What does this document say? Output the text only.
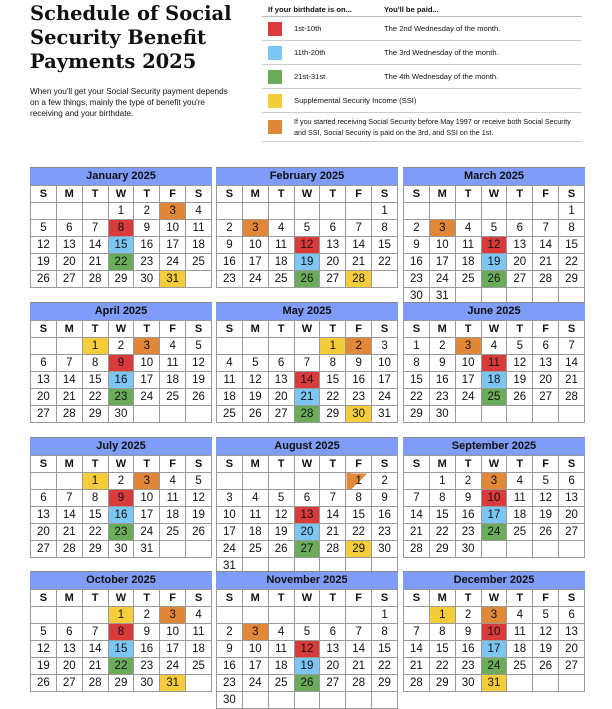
Schedule of Social Security Benefit Payments 2025

When you'll get your Social Security payment depends on a few things, mainly the type of benefit you're receiving and your birthdate.

If your birthdate is on...	You'll be paid...
1st-10th	The 2nd Wednesday of the month.
11th-20th	The 3rd Wednesday of the month.
21st-31st	The 4th Wednesday of the month.
Supplemental Security Income (SSI)
If you started receiving Social Security before May 1997 or receive both Social Security and SSI, Social Security is paid on the 3rd, and SSI on the 1st.
January 2025
S	M	T	W	T	F	S
			1	2	3	4
5	6	7	8	9	10	11
12	13	14	15	16	17	18
19	20	21	22	23	24	25
26	27	28	29	30	31	
February 2025
S	M	T	W	T	F	S
						1
2	3	4	5	6	7	8
9	10	11	12	13	14	15
16	17	18	19	20	21	22
23	24	25	26	27	28	
March 2025
S	M	T	W	T	F	S
						1
2	3	4	5	6	7	8
9	10	11	12	13	14	15
16	17	18	19	20	21	22
23	24	25	26	27	28	29
30	31					
April 2025
S	M	T	W	T	F	S
		1	2	3	4	5
6	7	8	9	10	11	12
13	14	15	16	17	18	19
20	21	22	23	24	25	26
27	28	29	30			
May 2025
S	M	T	W	T	F	S
				1	2	3
4	5	6	7	8	9	10
11	12	13	14	15	16	17
18	19	20	21	22	23	24
25	26	27	28	29	30	31
June 2025
S	M	T	W	T	F	S
1	2	3	4	5	6	7
8	9	10	11	12	13	14
15	16	17	18	19	20	21
22	23	24	25	26	27	28
29	30					
July 2025
S	M	T	W	T	F	S
		1	2	3	4	5
6	7	8	9	10	11	12
13	14	15	16	17	18	19
20	21	22	23	24	25	26
27	28	29	30	31		
August 2025
S	M	T	W	T	F	S
					1	2
3	4	5	6	7	8	9
10	11	12	13	14	15	16
17	18	19	20	21	22	23
24	25	26	27	28	29	30
31						
September 2025
S	M	T	W	T	F	S
	1	2	3	4	5	6
7	8	9	10	11	12	13
14	15	16	17	18	19	20
21	22	23	24	25	26	27
28	29	30				
October 2025
S	M	T	W	T	F	S
			1	2	3	4
5	6	7	8	9	10	11
12	13	14	15	16	17	18
19	20	21	22	23	24	25
26	27	28	29	30	31	
November 2025
S	M	T	W	T	F	S
						1
2	3	4	5	6	7	8
9	10	11	12	13	14	15
16	17	18	19	20	21	22
23	24	25	26	27	28	29
30						
December 2025
S	M	T	W	T	F	S
	1	2	3	4	5	6
7	8	9	10	11	12	13
14	15	16	17	18	19	20
21	22	23	24	25	26	27
28	29	30	31			
